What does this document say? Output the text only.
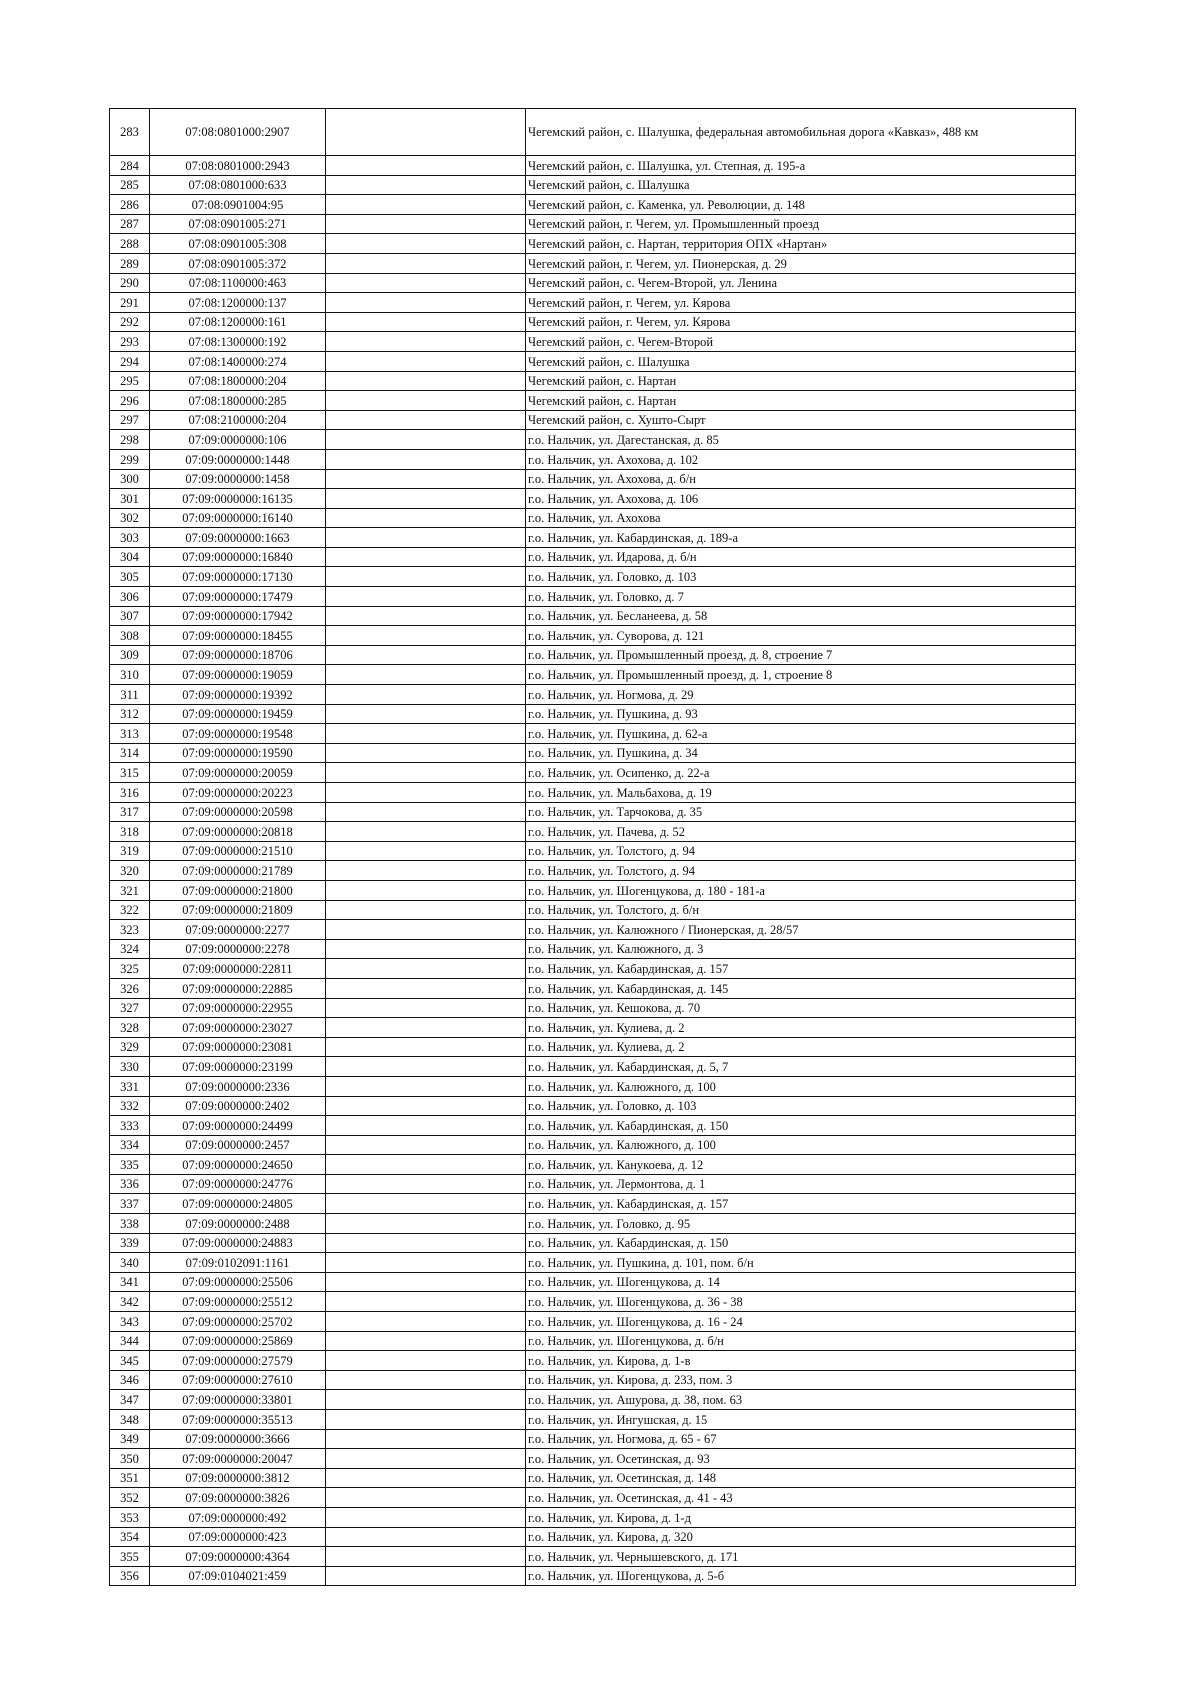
283	07:08:0801000:2907		Чегемский район, с. Шалушка, федеральная автомобильная дорога «Кавказ», 488 км
284	07:08:0801000:2943		Чегемский район, с. Шалушка, ул. Степная, д. 195-а
285	07:08:0801000:633		Чегемский район, с. Шалушка
286	07:08:0901004:95		Чегемский район, с. Каменка, ул. Революции, д. 148
287	07:08:0901005:271		Чегемский район, г. Чегем, ул. Промышленный проезд
288	07:08:0901005:308		Чегемский район, с. Нартан, территория ОПХ «Нартан»
289	07:08:0901005:372		Чегемский район, г. Чегем, ул. Пионерская, д. 29
290	07:08:1100000:463		Чегемский район, с. Чегем-Второй, ул. Ленина
291	07:08:1200000:137		Чегемский район, г. Чегем, ул. Кярова
292	07:08:1200000:161		Чегемский район, г. Чегем, ул. Кярова
293	07:08:1300000:192		Чегемский район, с. Чегем-Второй
294	07:08:1400000:274		Чегемский район, с. Шалушка
295	07:08:1800000:204		Чегемский район, с. Нартан
296	07:08:1800000:285		Чегемский район, с. Нартан
297	07:08:2100000:204		Чегемский район, с. Хушто-Сырт
298	07:09:0000000:106		г.о. Нальчик, ул. Дагестанская, д. 85
299	07:09:0000000:1448		г.о. Нальчик, ул. Ахохова, д. 102
300	07:09:0000000:1458		г.о. Нальчик, ул. Ахохова, д. б/н
301	07:09:0000000:16135		г.о. Нальчик, ул. Ахохова, д. 106
302	07:09:0000000:16140		г.о. Нальчик, ул. Ахохова
303	07:09:0000000:1663		г.о. Нальчик, ул. Кабардинская, д. 189-а
304	07:09:0000000:16840		г.о. Нальчик, ул. Идарова, д. б/н
305	07:09:0000000:17130		г.о. Нальчик, ул. Головко, д. 103
306	07:09:0000000:17479		г.о. Нальчик, ул. Головко, д. 7
307	07:09:0000000:17942		г.о. Нальчик, ул. Бесланеева, д. 58
308	07:09:0000000:18455		г.о. Нальчик, ул. Суворова, д. 121
309	07:09:0000000:18706		г.о. Нальчик, ул. Промышленный проезд, д. 8, строение 7
310	07:09:0000000:19059		г.о. Нальчик, ул. Промышленный проезд, д. 1, строение 8
311	07:09:0000000:19392		г.о. Нальчик, ул. Ногмова, д. 29
312	07:09:0000000:19459		г.о. Нальчик, ул. Пушкина, д. 93
313	07:09:0000000:19548		г.о. Нальчик, ул. Пушкина, д. 62-а
314	07:09:0000000:19590		г.о. Нальчик, ул. Пушкина, д. 34
315	07:09:0000000:20059		г.о. Нальчик, ул. Осипенко, д. 22-а
316	07:09:0000000:20223		г.о. Нальчик, ул. Мальбахова, д. 19
317	07:09:0000000:20598		г.о. Нальчик, ул. Тарчокова, д. 35
318	07:09:0000000:20818		г.о. Нальчик, ул. Пачева, д. 52
319	07:09:0000000:21510		г.о. Нальчик, ул. Толстого, д. 94
320	07:09:0000000:21789		г.о. Нальчик, ул. Толстого, д. 94
321	07:09:0000000:21800		г.о. Нальчик, ул. Шогенцукова, д. 180 - 181-а
322	07:09:0000000:21809		г.о. Нальчик, ул. Толстого, д. б/н
323	07:09:0000000:2277		г.о. Нальчик, ул. Калюжного / Пионерская, д. 28/57
324	07:09:0000000:2278		г.о. Нальчик, ул. Калюжного, д. 3
325	07:09:0000000:22811		г.о. Нальчик, ул. Кабардинская, д. 157
326	07:09:0000000:22885		г.о. Нальчик, ул. Кабардинская, д. 145
327	07:09:0000000:22955		г.о. Нальчик, ул. Кешокова, д. 70
328	07:09:0000000:23027		г.о. Нальчик, ул. Кулиева, д. 2
329	07:09:0000000:23081		г.о. Нальчик, ул. Кулиева, д. 2
330	07:09:0000000:23199		г.о. Нальчик, ул. Кабардинская, д. 5, 7
331	07:09:0000000:2336		г.о. Нальчик, ул. Калюжного, д. 100
332	07:09:0000000:2402		г.о. Нальчик, ул. Головко, д. 103
333	07:09:0000000:24499		г.о. Нальчик, ул. Кабардинская, д. 150
334	07:09:0000000:2457		г.о. Нальчик, ул. Калюжного, д. 100
335	07:09:0000000:24650		г.о. Нальчик, ул. Канукоева, д. 12
336	07:09:0000000:24776		г.о. Нальчик, ул. Лермонтова, д. 1
337	07:09:0000000:24805		г.о. Нальчик, ул. Кабардинская, д. 157
338	07:09:0000000:2488		г.о. Нальчик, ул. Головко, д. 95
339	07:09:0000000:24883		г.о. Нальчик, ул. Кабардинская, д. 150
340	07:09:0102091:1161		г.о. Нальчик, ул. Пушкина, д. 101, пом. б/н
341	07:09:0000000:25506		г.о. Нальчик, ул. Шогенцукова, д. 14
342	07:09:0000000:25512		г.о. Нальчик, ул. Шогенцукова, д. 36 - 38
343	07:09:0000000:25702		г.о. Нальчик, ул. Шогенцукова, д. 16 - 24
344	07:09:0000000:25869		г.о. Нальчик, ул. Шогенцукова, д. б/н
345	07:09:0000000:27579		г.о. Нальчик, ул. Кирова, д. 1-в
346	07:09:0000000:27610		г.о. Нальчик, ул. Кирова, д. 233, пом. 3
347	07:09:0000000:33801		г.о. Нальчик, ул. Ашурова, д. 38, пом. 63
348	07:09:0000000:35513		г.о. Нальчик, ул. Ингушская, д. 15
349	07:09:0000000:3666		г.о. Нальчик, ул. Ногмова, д. 65 - 67
350	07:09:0000000:20047		г.о. Нальчик, ул. Осетинская, д. 93
351	07:09:0000000:3812		г.о. Нальчик, ул. Осетинская, д. 148
352	07:09:0000000:3826		г.о. Нальчик, ул. Осетинская, д. 41 - 43
353	07:09:0000000:492		г.о. Нальчик, ул. Кирова, д. 1-д
354	07:09:0000000:423		г.о. Нальчик, ул. Кирова, д. 320
355	07:09:0000000:4364		г.о. Нальчик, ул. Чернышевского, д. 171
356	07:09:0104021:459		г.о. Нальчик, ул. Шогенцукова, д. 5-б
